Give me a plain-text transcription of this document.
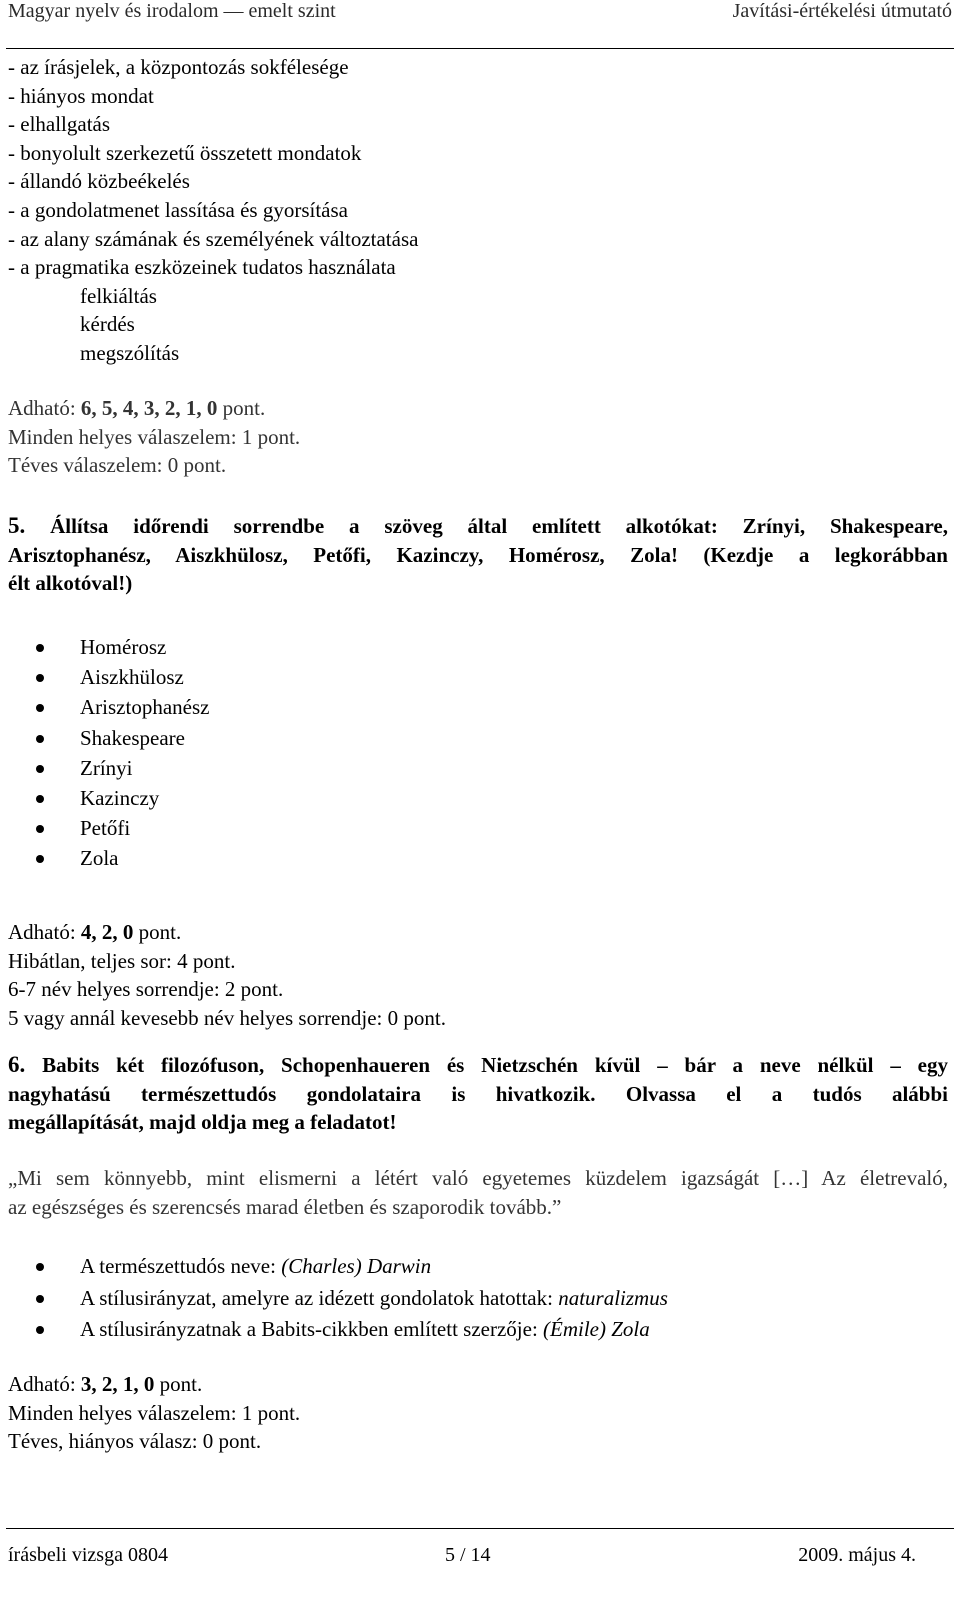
Magyar nyelv és irodalom — emelt szint	Javítási-értékelési útmutató
- az írásjelek, a központozás sokfélesége
- hiányos mondat
- elhallgatás
- bonyolult szerkezetű összetett mondatok
- állandó közbeékelés
- a gondolatmenet lassítása és gyorsítása
- az alany számának és személyének változtatása
- a pragmatika eszközeinek tudatos használata
felkiáltás
kérdés
megszólítás
Adható: 6, 5, 4, 3, 2, 1, 0 pont.
Minden helyes válaszelem: 1 pont.
Téves válaszelem: 0 pont.
5. Állítsa időrendi sorrendbe a szöveg által említett alkotókat: Zrínyi, Shakespeare,
Arisztophanész, Aiszkhülosz, Petőfi, Kazinczy, Homérosz, Zola! (Kezdje a legkorábban
élt alkotóval!)
Homérosz
Aiszkhülosz
Arisztophanész
Shakespeare
Zrínyi
Kazinczy
Petőfi
Zola
Adható: 4, 2, 0 pont.
Hibátlan, teljes sor: 4 pont.
6-7 név helyes sorrendje: 2 pont.
5 vagy annál kevesebb név helyes sorrendje: 0 pont.
6. Babits két filozófuson, Schopenhaueren és Nietzschén kívül – bár a neve nélkül – egy
nagyhatású természettudós gondolataira is hivatkozik. Olvassa el a tudós alábbi
megállapítását, majd oldja meg a feladatot!
„Mi sem könnyebb, mint elismerni a létért való egyetemes küzdelem igazságát […] Az életrevaló,
az egészséges és szerencsés marad életben és szaporodik tovább.”
A természettudós neve: (Charles) Darwin
A stílusirányzat, amelyre az idézett gondolatok hatottak: naturalizmus
A stílusirányzatnak a Babits-cikkben említett szerzője: (Émile) Zola
Adható: 3, 2, 1, 0 pont.
Minden helyes válaszelem: 1 pont.
Téves, hiányos válasz: 0 pont.
írásbeli vizsga 0804	5 / 14	2009. május 4.
